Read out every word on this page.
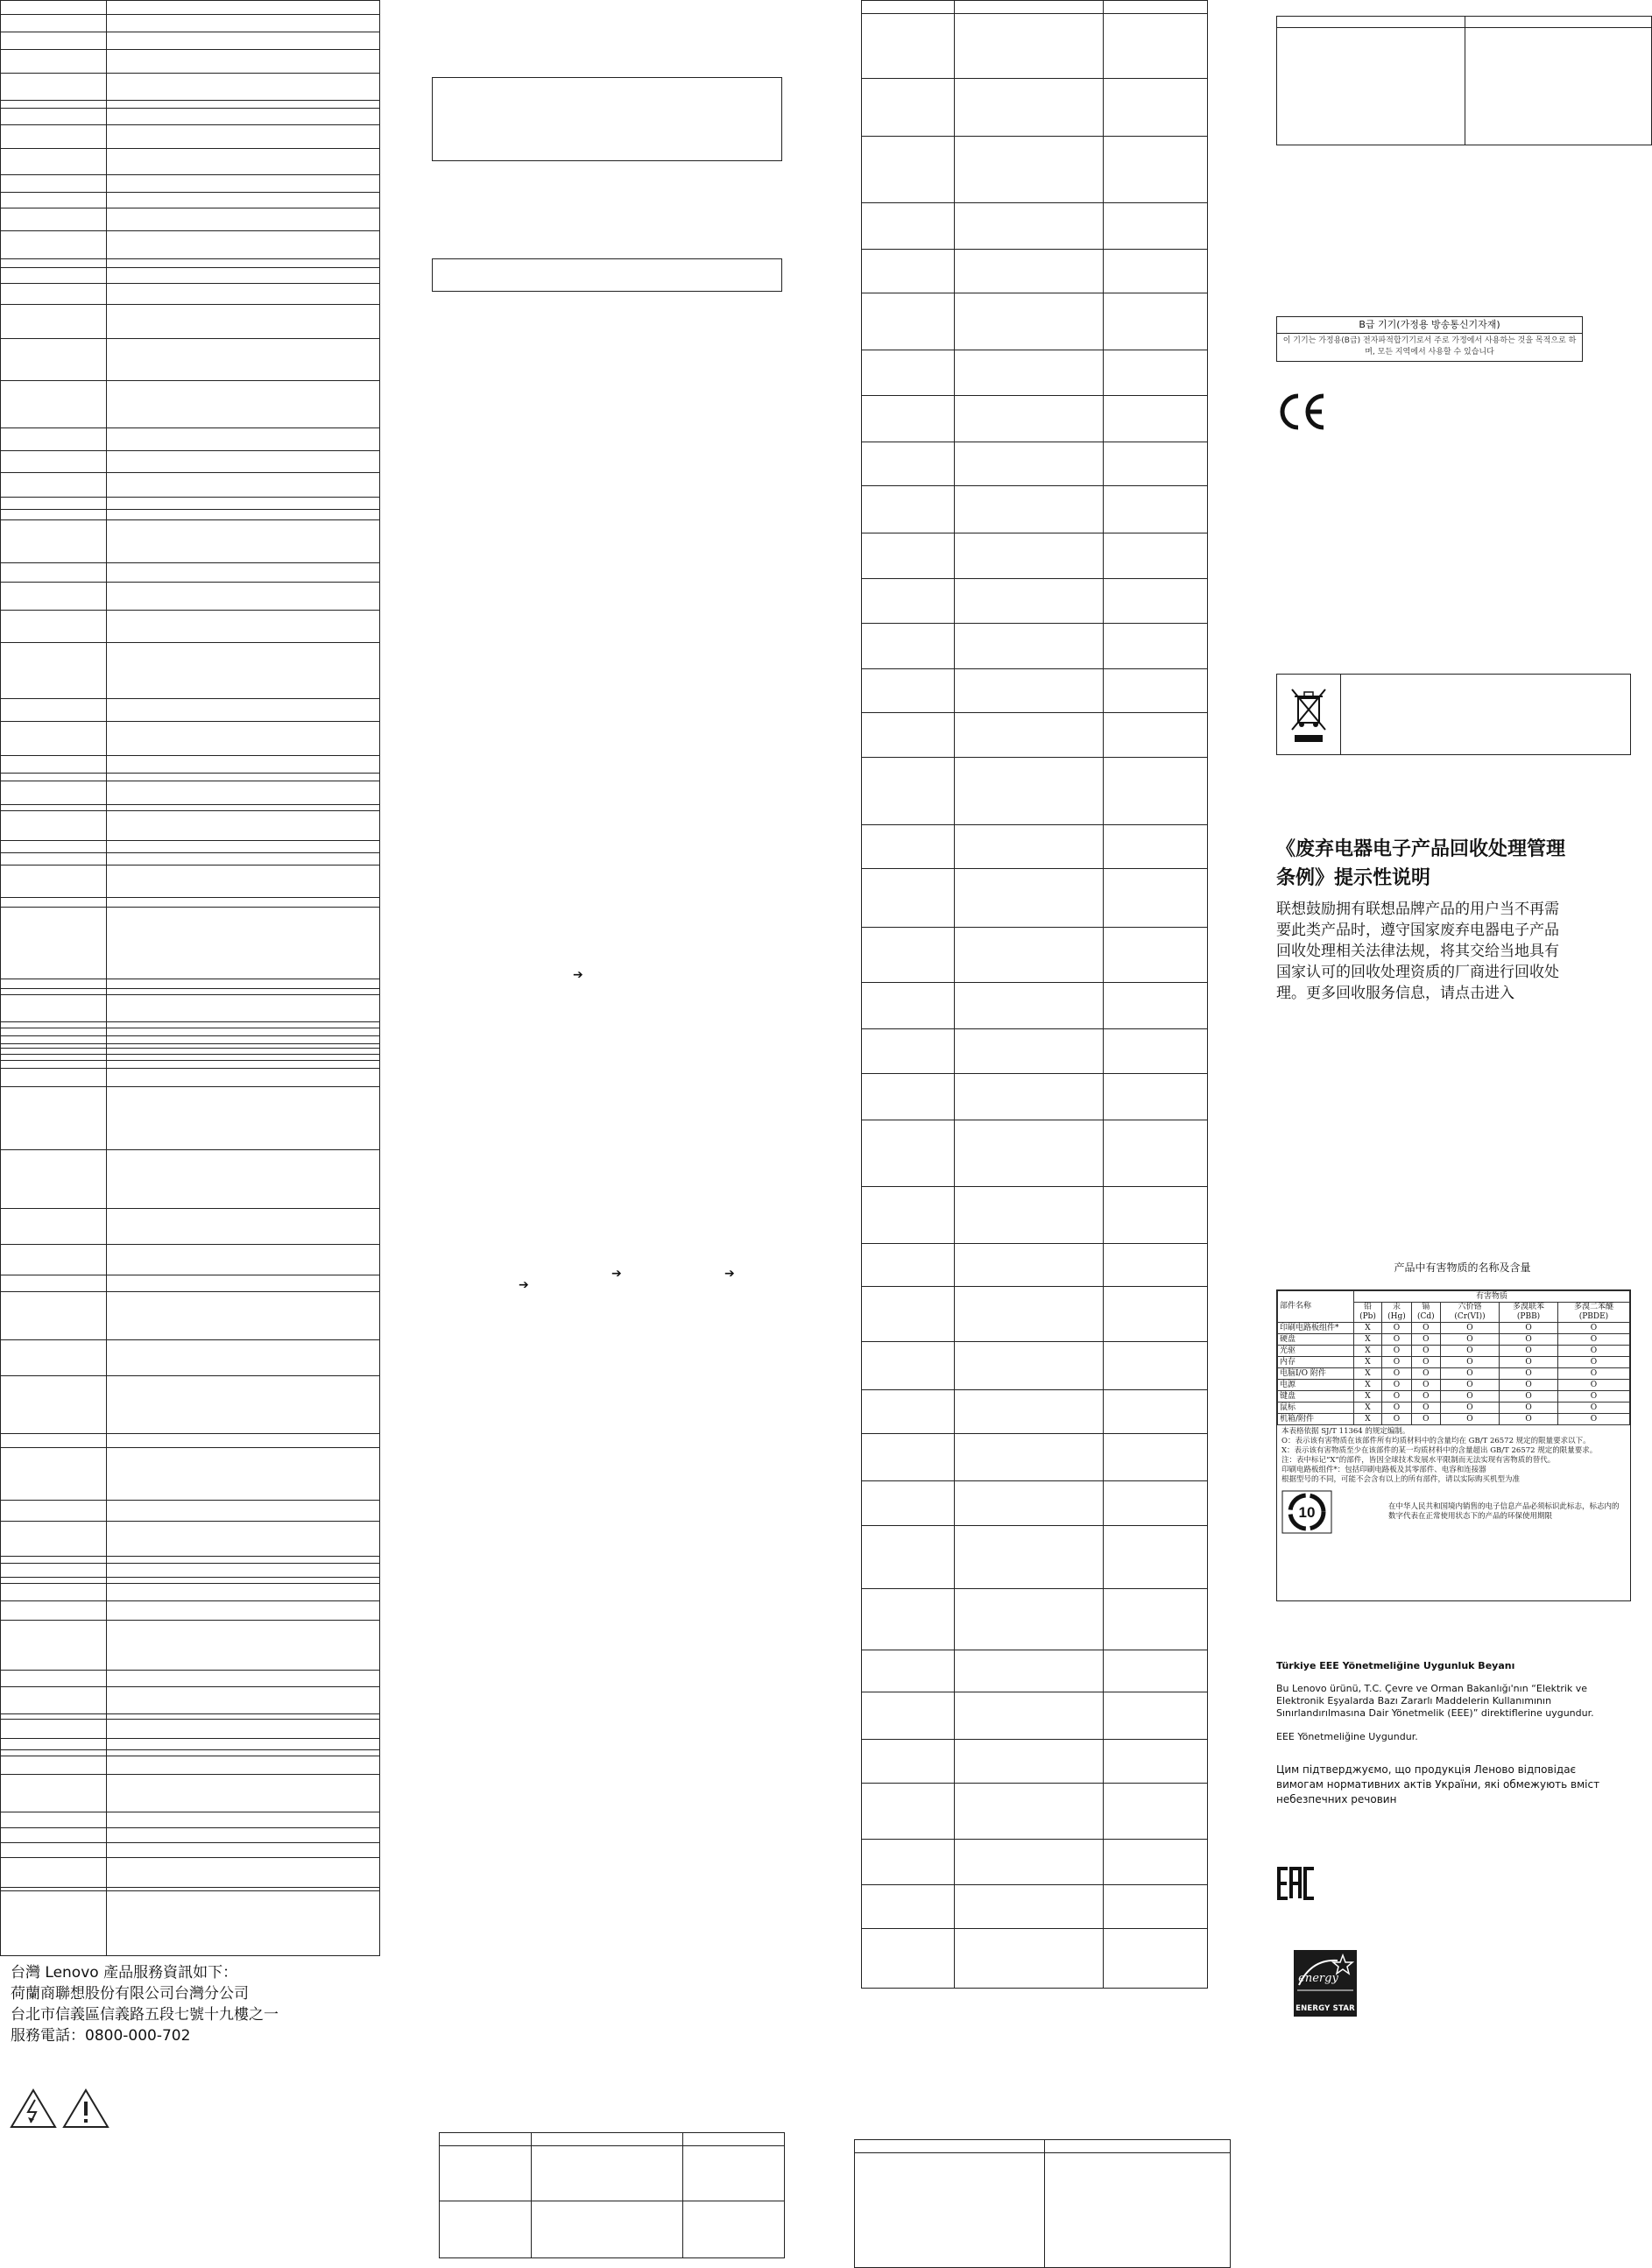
台灣 Lenovo 產品服務資訊如下：
荷蘭商聯想股份有限公司台灣分公司
台北市信義區信義路五段七號十九樓之一
服務電話：0800-000-702
➔
➔
➔	➔
B급 기기(가정용 방송통신기자재)
이 기기는 가정용(B급) 전자파적합기기로서 주로 가정에서 사용하는 것을 목적으로 하며, 모든 지역에서 사용할 수 있습니다
《废弃电器电子产品回收处理管理条例》提示性说明
联想鼓励拥有联想品牌产品的用户当不再需要此类产品时，遵守国家废弃电器电子产品回收处理相关法律法规，将其交给当地具有国家认可的回收处理资质的厂商进行回收处理。更多回收服务信息，请点击进入
产品中有害物质的名称及含量
部件名称	有害物质					
	铅(Pb)	汞(Hg)	镉(Cd)	六价铬 (Cr(VI))	多溴联苯 (PBB)	多溴二苯醚 (PBDE)
印刷电路板组件*	X	O	O	O	O	O
硬盘	X	O	O	O	O	O
光驱	X	O	O	O	O	O
内存	X	O	O	O	O	O
电脑I/O 附件	X	O	O	O	O	O
电源	X	O	O	O	O	O
键盘	X	O	O	O	O	O
鼠标	X	O	O	O	O	O
机箱/附件	X	O	O	O	O	O
本表格依据 SJ/T 11364 的规定编制。
O：表示该有害物质在该部件所有均质材料中的含量均在 GB/T 26572 规定的限量要求以下。
X：表示该有害物质至少在该部件的某一均质材料中的含量超出 GB/T 26572 规定的限量要求。
注：表中标记“X”的部件，皆因全球技术发展水平限制而无法实现有害物质的替代。
印刷电路板组件*：包括印刷电路板及其零部件、电容和连接器
根据型号的不同，可能不会含有以上的所有部件，请以实际购买机型为准
10	在中华人民共和国境内销售的电子信息产品必须标识此标志，标志内的数字代表在正常使用状态下的产品的环保使用期限
Türkiye EEE Yönetmeliğine Uygunluk Beyanı
Bu Lenovo ürünü, T.C. Çevre ve Orman Bakanlığı'nın “Elektrik ve Elektronik Eşyalarda Bazı Zararlı Maddelerin Kullanımının Sınırlandırılmasına Dair Yönetmelik (EEE)” direktiflerine uygundur.
EEE Yönetmeliğine Uygundur.
Цим підтверджуємо, що продукція Леново відповідає вимогам нормативних актів України, які обмежують вміст небезпечних речовин
energy
ENERGY STAR
